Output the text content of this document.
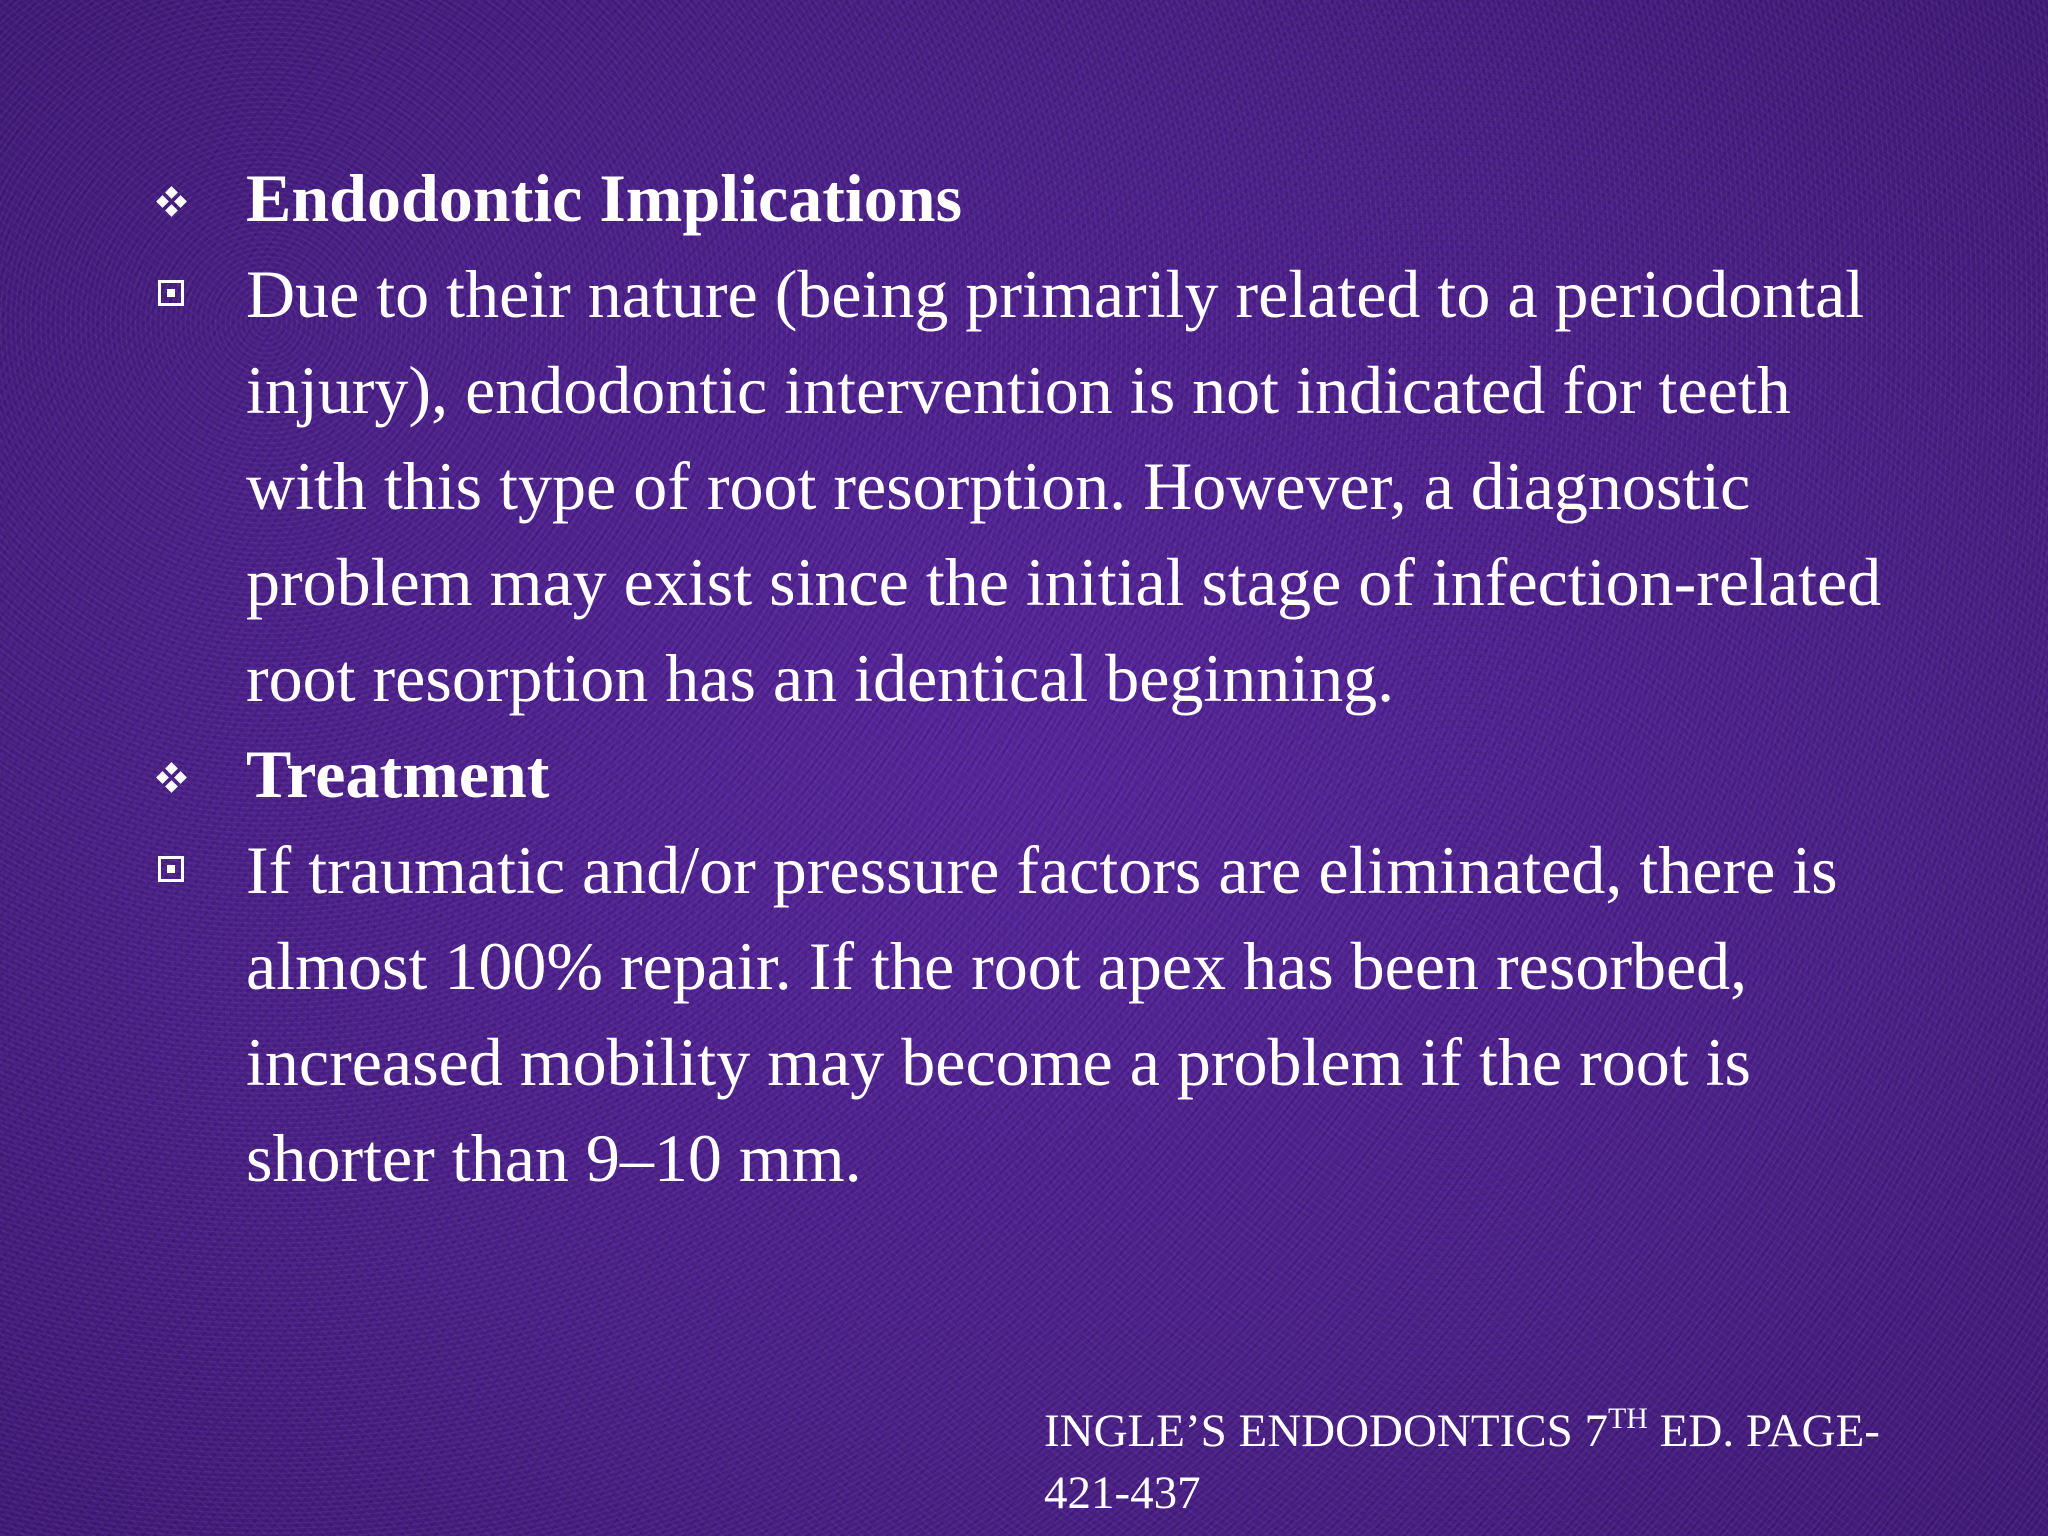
Endodontic Implications
Due to their nature (being primarily related to a periodontal injury), endodontic intervention is not indicated for teeth with this type of root resorption. However, a diagnostic problem may exist since the initial stage of infection-related root resorption has an identical beginning.
Treatment
If traumatic and/or pressure factors are eliminated, there is almost 100% repair. If the root apex has been resorbed, increased mobility may become a problem if the root is shorter than 9–10 mm.
INGLE’S ENDODONTICS 7TH ED. PAGE-
421-437
